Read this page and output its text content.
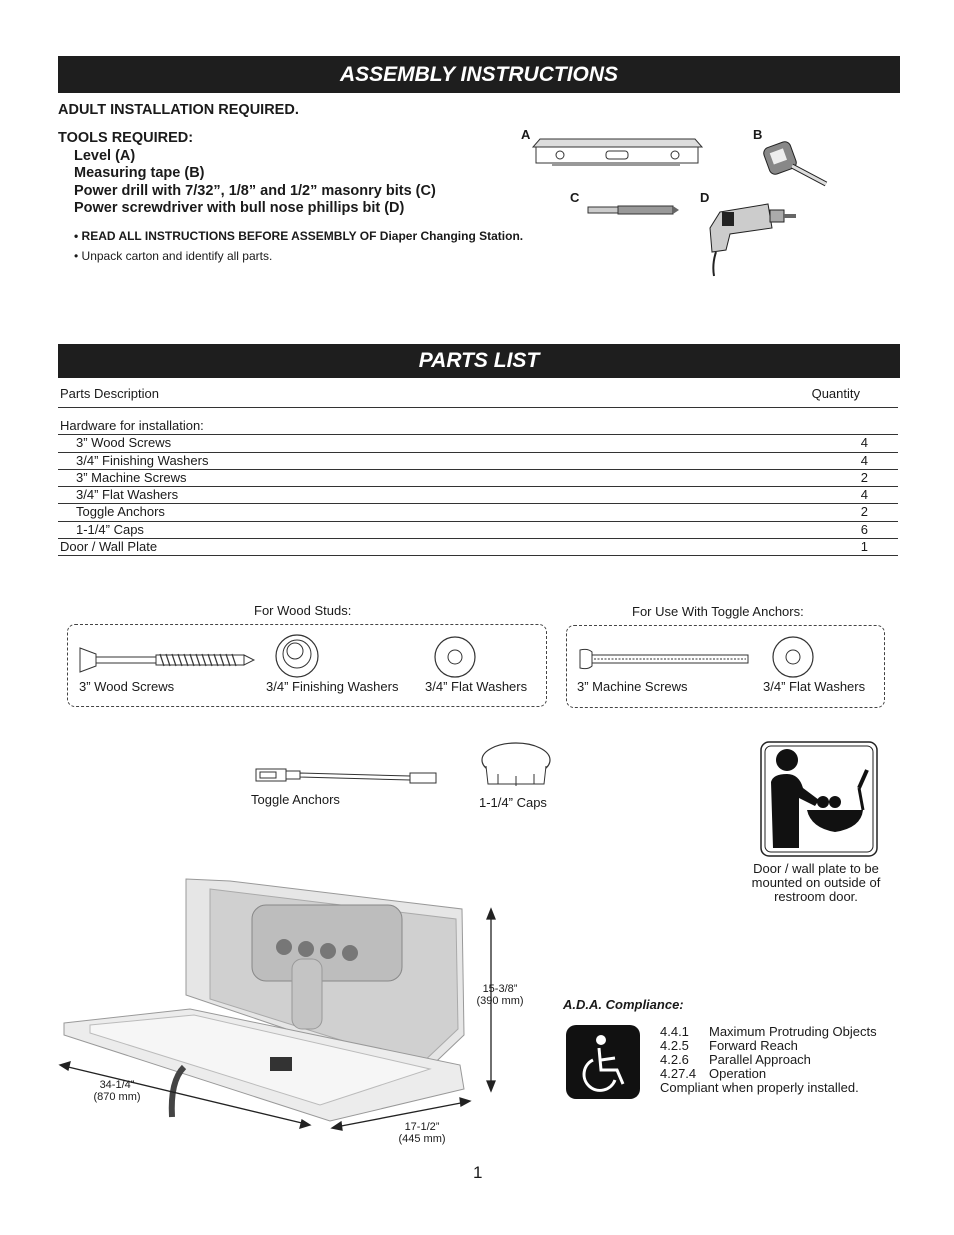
ASSEMBLY INSTRUCTIONS
ADULT INSTALLATION REQUIRED.
TOOLS REQUIRED:
Level (A)
Measuring tape (B)
Power drill with 7/32”, 1/8” and 1/2” masonry bits (C)
Power screwdriver with bull nose phillips bit (D)
• READ ALL INSTRUCTIONS BEFORE ASSEMBLY OF Diaper Changing Station.
• Unpack carton and identify all parts.
A	B
C	D
PARTS LIST
Parts Description	Quantity

Hardware for installation:	
3” Wood Screws	4
3/4” Finishing Washers	4
3” Machine Screws	2
3/4” Flat Washers	4
Toggle Anchors	2
1-1/4” Caps	6
Door / Wall Plate	1
For Wood Studs:	For Use With Toggle Anchors:
3” Wood Screws	3/4” Finishing Washers 3/4” Flat Washers	3” Machine Screws	3/4” Flat Washers
Toggle Anchors	1-1/4” Caps
Door / wall plate to be mounted on outside of restroom door.
15-3/8”
(390 mm)
34-1/4”
(870 mm)
17-1/2”
(445 mm)
A.D.A. Compliance:
4.4.1 Maximum Protruding Objects
4.2.5 Forward Reach
4.2.6 Parallel Approach
4.27.4 Operation
Compliant when properly installed.
1
